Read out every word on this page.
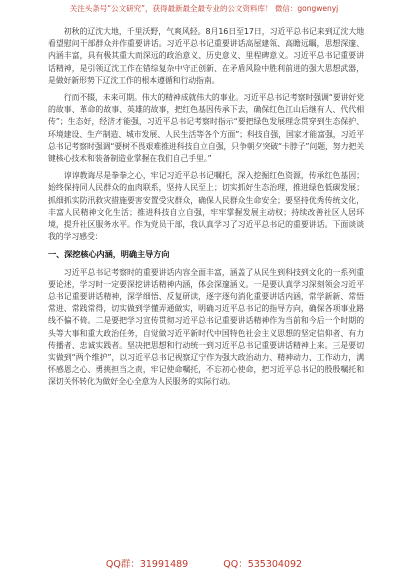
关注头条号“公文研究”，获得最新最全最专业的公文资料库！ 微信：gongwenyj

初秋的辽沈大地，千里沃野，气爽风轻。8月16日至17日，习近平总书记来到辽沈大地看望慰问干部群众并作重要讲话。习近平总书记重要讲话高屋建瓴、高瞻远瞩，思想深邃、内涵丰富，具有极其重大而深远的政治意义、历史意义、里程碑意义。习近平总书记重要讲话精神，是引领辽沈工作在错综复杂中守正创新、在矛盾风险中胜利前进的强大思想武器，是做好新形势下辽沈工作的根本遵循和行动指南。

行而不辍，未来可期。伟大的精神成就伟大的事业。习近平总书记考察时强调“要讲好党的故事、革命的故事、英雄的故事，把红色基因传承下去，确保红色江山后继有人、代代相传”；生态好，经济才能强，习近平总书记考察时指示“要把绿色发展理念贯穿到生态保护、环境建设、生产制造、城市发展、人民生活等各个方面”；科技自强，国家才能富强，习近平总书记考察时强调“要树不畏艰难推进科技自立自强，只争朝夕突破“卡脖子”问题，努力把关键核心技术和装备制造业掌握在我们自己手里。”

谆谆教诲尽是拳拳之心，牢记习近平总书记嘱托，深入挖掘红色资源，传承红色基因；始终保持同人民群众的血肉联系，坚持人民至上；切实抓好生态治理，推进绿色低碳发展；抓细抓实防汛救灾措施要害安置受灾群众，确保人民群众生命安全；要坚持优秀传统文化，丰富人民精神文化生活；推进科技自立自强，牢牢掌握发展主动权；持续改善社区人居环境，提升社区服务水平。作为党员干部，我认真学习了习近平总书记的重要讲话。下面谈谈我的学习感受：

一、深挖核心内涵，明确主导方向

习近平总书记考察时的重要讲话内容全面丰富，涵盖了从民生到科技到文化的一系列重要论述，学习时一定要深挖讲话精神内涵，体会深邃涵义。一是要认真学习深刻领会习近平总书记重要讲话精神，深学细悟、反复研读，逐字逐句消化重要讲话内涵，常学新新、常悟常进、常践常得，切实做到学懂弄通做实，明确习近平总书记的指导方向，确保各项事业路线不偏不倚。二是要把学习宣传贯彻习近平总书记重要讲话精神作为当前和今后一个时期的头等大事和重大政治任务，自觉做习近平新时代中国特色社会主义思想的坚定信仰者、有力传播者、忠诚实践者。坚决把思想和行动统一到习近平总书记重要讲话精神上来。三是要切实做到“两个维护”，以习近平总书记视察辽宁作为强大政治动力、精神动力、工作动力，满怀感恩之心、勇挑担当之责，牢记使命嘱托，不忘初心使命，把习近平总书记的殷殷嘱托和深切关怀转化为做好全心全意为人民服务的实际行动。

QQ群：31991489	QQ：535304092
